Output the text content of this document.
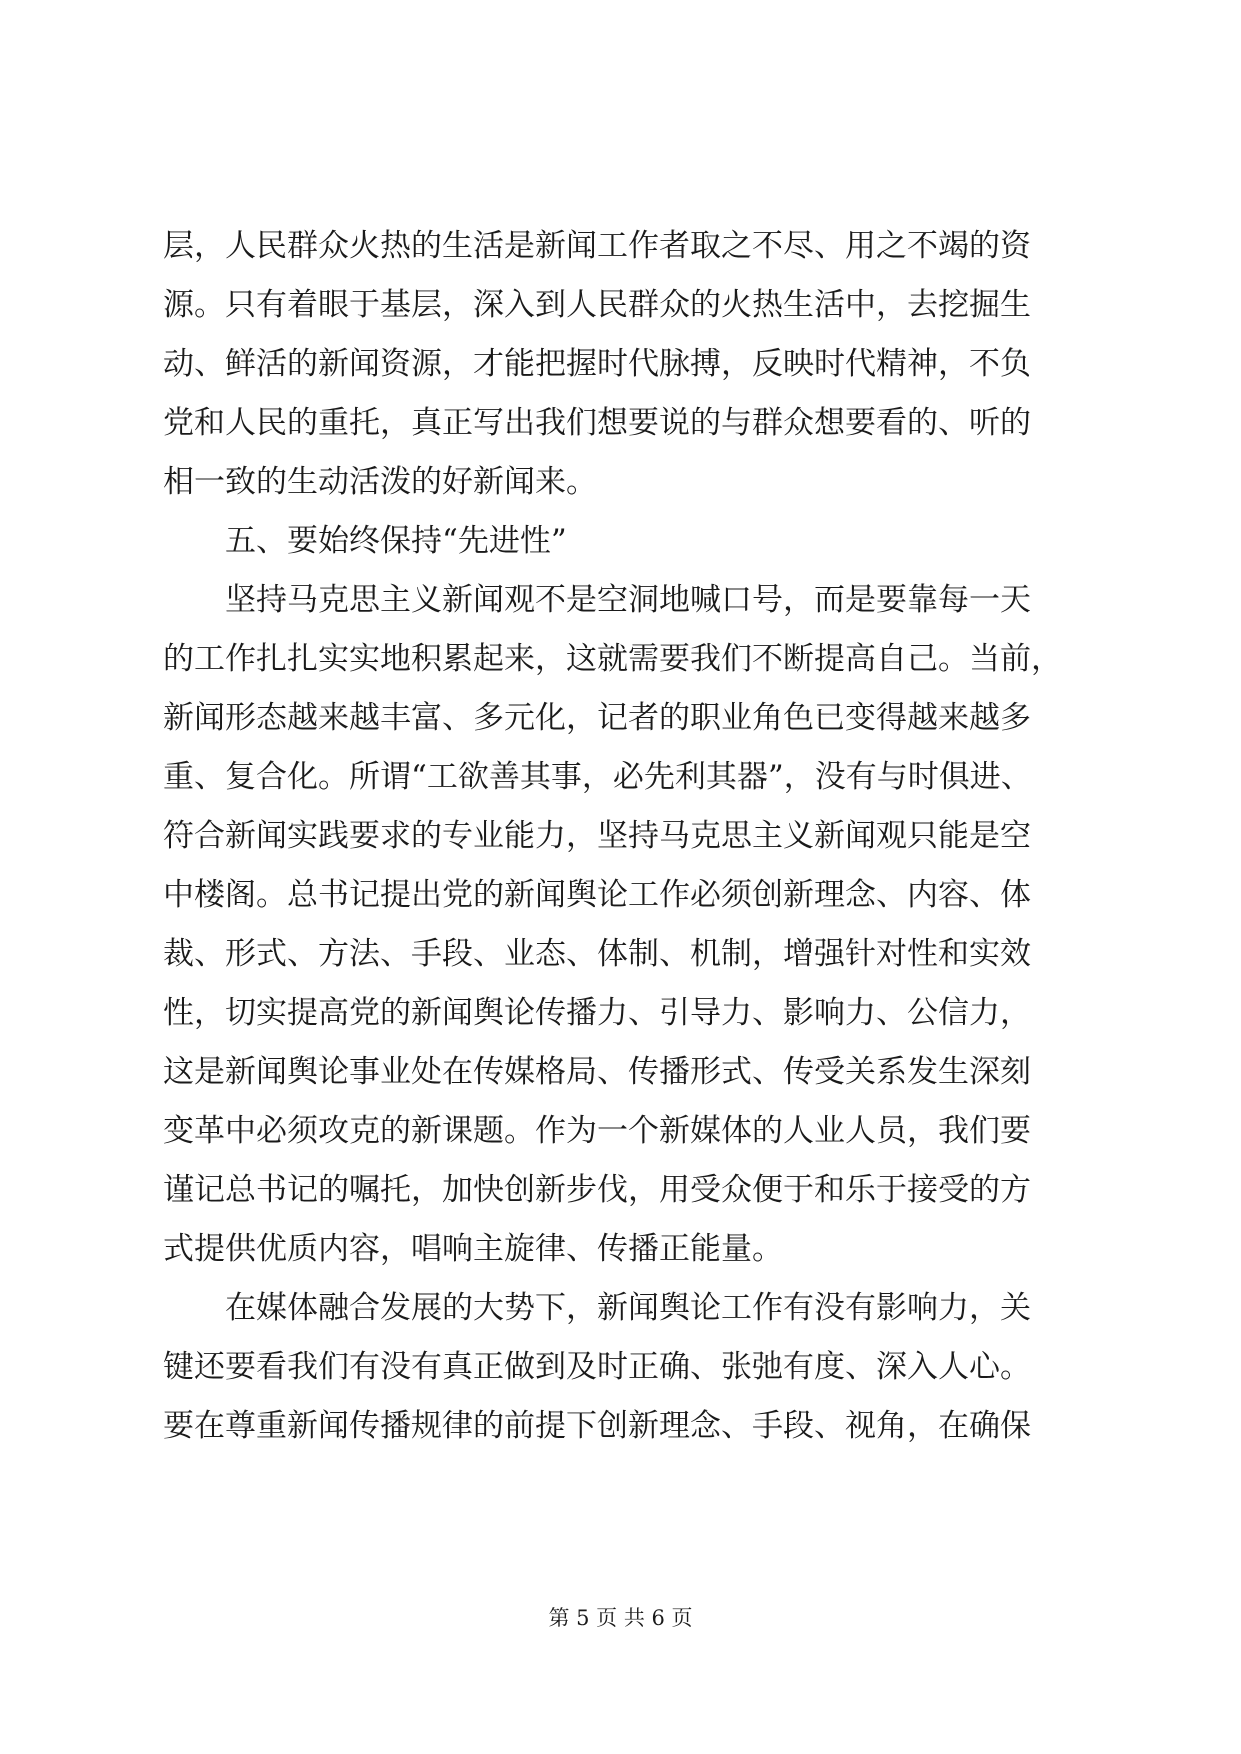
层，人民群众火热的生活是新闻工作者取之不尽、用之不竭的资
源。只有着眼于基层，深入到人民群众的火热生活中，去挖掘生
动、鲜活的新闻资源，才能把握时代脉搏，反映时代精神，不负
党和人民的重托，真正写出我们想要说的与群众想要看的、听的
相一致的生动活泼的好新闻来。
五、要始终保持“先进性”
坚持马克思主义新闻观不是空洞地喊口号，而是要靠每一天
的工作扎扎实实地积累起来，这就需要我们不断提高自己。当前，
新闻形态越来越丰富、多元化，记者的职业角色已变得越来越多
重、复合化。所谓“工欲善其事，必先利其器”，没有与时俱进、
符合新闻实践要求的专业能力，坚持马克思主义新闻观只能是空
中楼阁。总书记提出党的新闻舆论工作必须创新理念、内容、体
裁、形式、方法、手段、业态、体制、机制，增强针对性和实效
性，切实提高党的新闻舆论传播力、引导力、影响力、公信力，
这是新闻舆论事业处在传媒格局、传播形式、传受关系发生深刻
变革中必须攻克的新课题。作为一个新媒体的人业人员，我们要
谨记总书记的嘱托，加快创新步伐，用受众便于和乐于接受的方
式提供优质内容，唱响主旋律、传播正能量。
在媒体融合发展的大势下，新闻舆论工作有没有影响力，关
键还要看我们有没有真正做到及时正确、张弛有度、深入人心。
要在尊重新闻传播规律的前提下创新理念、手段、视角，在确保
第 5 页 共 6 页
